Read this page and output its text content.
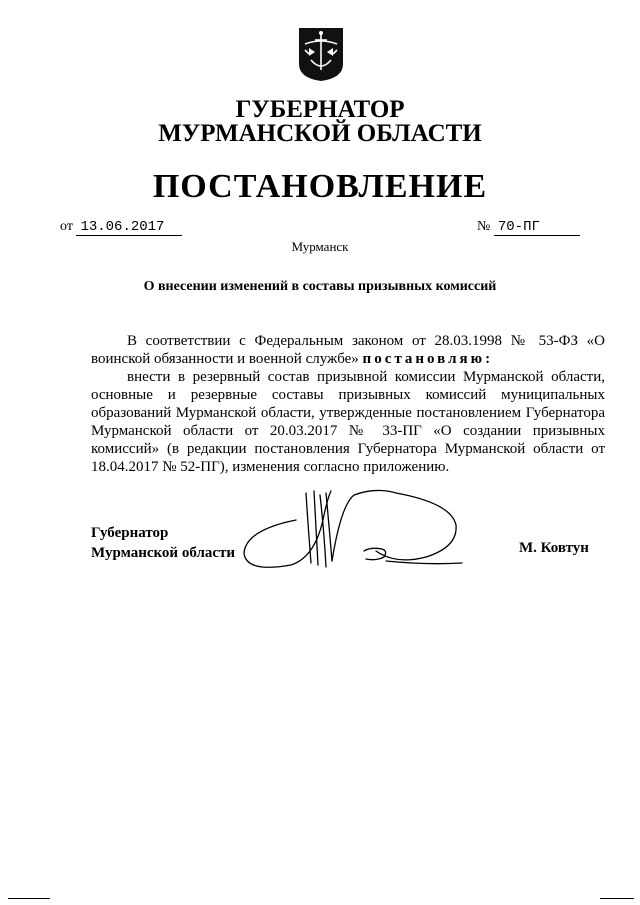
ГУБЕРНАТОР
МУРМАНСКОЙ ОБЛАСТИ
ПОСТАНОВЛЕНИЕ
от 13.06.2017	№ 70-ПГ
Мурманск
О внесении изменений в составы призывных комиссий

В соответствии с Федеральным законом от 28.03.1998 № 53-ФЗ «О воинской обязанности и военной службе» постановляю:

внести в резервный состав призывной комиссии Мурманской области, основные и резервные составы призывных комиссий муниципальных образований Мурманской области, утвержденные постановлением Губернатора Мурманской области от 20.03.2017 № 33-ПГ «О создании призывных комиссий» (в редакции постановления Губернатора Мурманской области от 18.04.2017 № 52-ПГ), изменения согласно приложению.

Губернатор
Мурманской области	М. Ковтун
